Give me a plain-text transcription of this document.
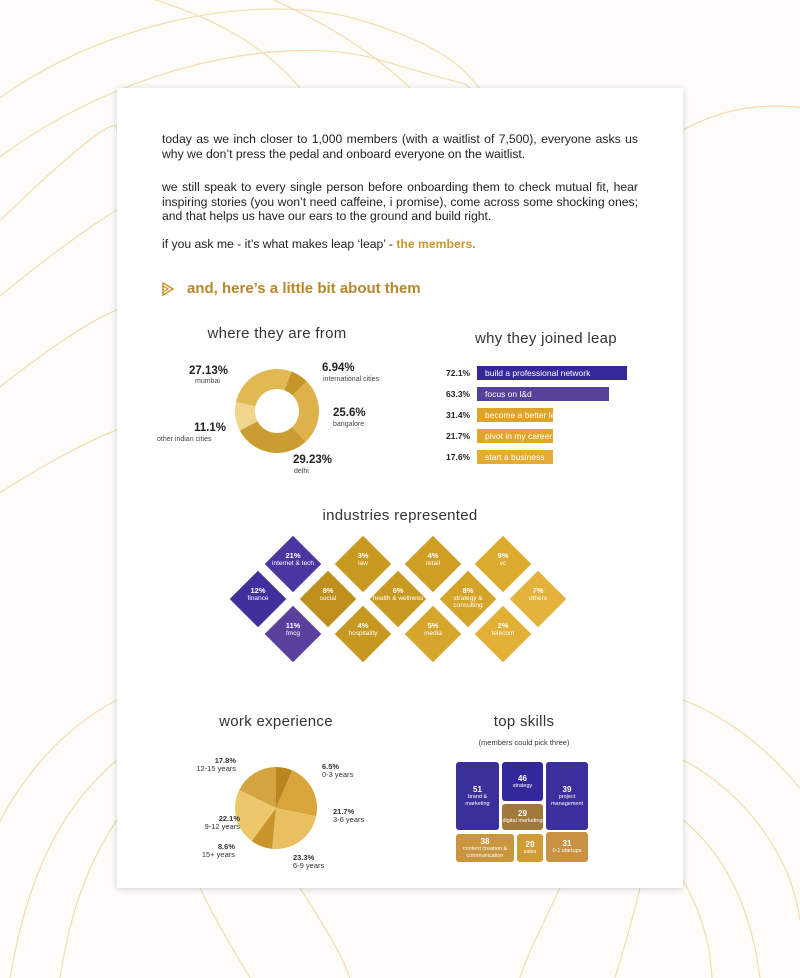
today as we inch closer to 1,000 members (with a waitlist of 7,500), everyone asks us why we don’t press the pedal and onboard everyone on the waitlist.

we still speak to every single person before onboarding them to check mutual fit, hear inspiring stories (you won’t need caffeine, i promise), come across some shocking ones; and that helps us have our ears to the ground and build right.

if you ask me - it’s what makes leap ‘leap’ - the members.

and, here’s a little bit about them
where they are from
27.13%
mumbai
6.94%
international cities
25.6%
bangalore
11.1%
other indian cities
29.23%
delhi
why they joined leap
72.1%	build a professional network
63.3%	focus on l&d
31.4%	become a better leader
21.7%	pivot in my career
17.6%	start a business
industries represented
21%
internet & tech
3%
law
4%
retail
9%
vc
12%
finance
8%
social
6%
health & wellness
8%
strategy & consulting
7%
others
11%
fmcg
4%
hospitality
5%
media
2%
telecom
work experience
6.5%
0-3 years
21.7%
3-6 years
23.3%
6-9 years
8.6%
15+ years
22.1%
9-12 years
17.8%
12-15 years
top skills
(members could pick three)
51
brand & marketing
46
strategy	39
project management
29
digital marketing
38
content creation & communication
29
sales
31
0-1 startups
